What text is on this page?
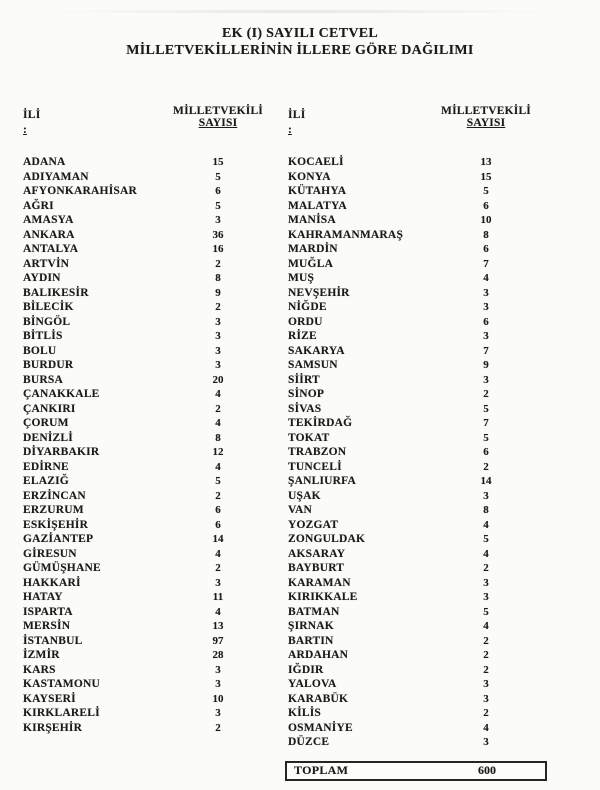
EK (I) SAYILI CETVEL
MİLLETVEKİLLERİNİN İLLERE GÖRE DAĞILIMI
İLİ
:
MİLLETVEKİLİ
SAYISI
ADANA	15
ADIYAMAN	5
AFYONKARAHİSAR	6
AĞRI	5
AMASYA	3
ANKARA	36
ANTALYA	16
ARTVİN	2
AYDIN	8
BALIKESİR	9
BİLECİK	2
BİNGÖL	3
BİTLİS	3
BOLU	3
BURDUR	3
BURSA	20
ÇANAKKALE	4
ÇANKIRI	2
ÇORUM	4
DENİZLİ	8
DİYARBAKIR	12
EDİRNE	4
ELAZIĞ	5
ERZİNCAN	2
ERZURUM	6
ESKİŞEHİR	6
GAZİANTEP	14
GİRESUN	4
GÜMÜŞHANE	2
HAKKARİ	3
HATAY	11
ISPARTA	4
MERSİN	13
İSTANBUL	97
İZMİR	28
KARS	3
KASTAMONU	3
KAYSERİ	10
KIRKLARELİ	3
KIRŞEHİR	2
İLİ
:
MİLLETVEKİLİ
SAYISI
KOCAELİ	13
KONYA	15
KÜTAHYA	5
MALATYA	6
MANİSA	10
KAHRAMANMARAŞ	8
MARDİN	6
MUĞLA	7
MUŞ	4
NEVŞEHİR	3
NİĞDE	3
ORDU	6
RİZE	3
SAKARYA	7
SAMSUN	9
SİİRT	3
SİNOP	2
SİVAS	5
TEKİRDAĞ	7
TOKAT	5
TRABZON	6
TUNCELİ	2
ŞANLIURFA	14
UŞAK	3
VAN	8
YOZGAT	4
ZONGULDAK	5
AKSARAY	4
BAYBURT	2
KARAMAN	3
KIRIKKALE	3
BATMAN	5
ŞIRNAK	4
BARTIN	2
ARDAHAN	2
IĞDIR	2
YALOVA	3
KARABÜK	3
KİLİS	2
OSMANİYE	4
DÜZCE	3
TOPLAM	600
